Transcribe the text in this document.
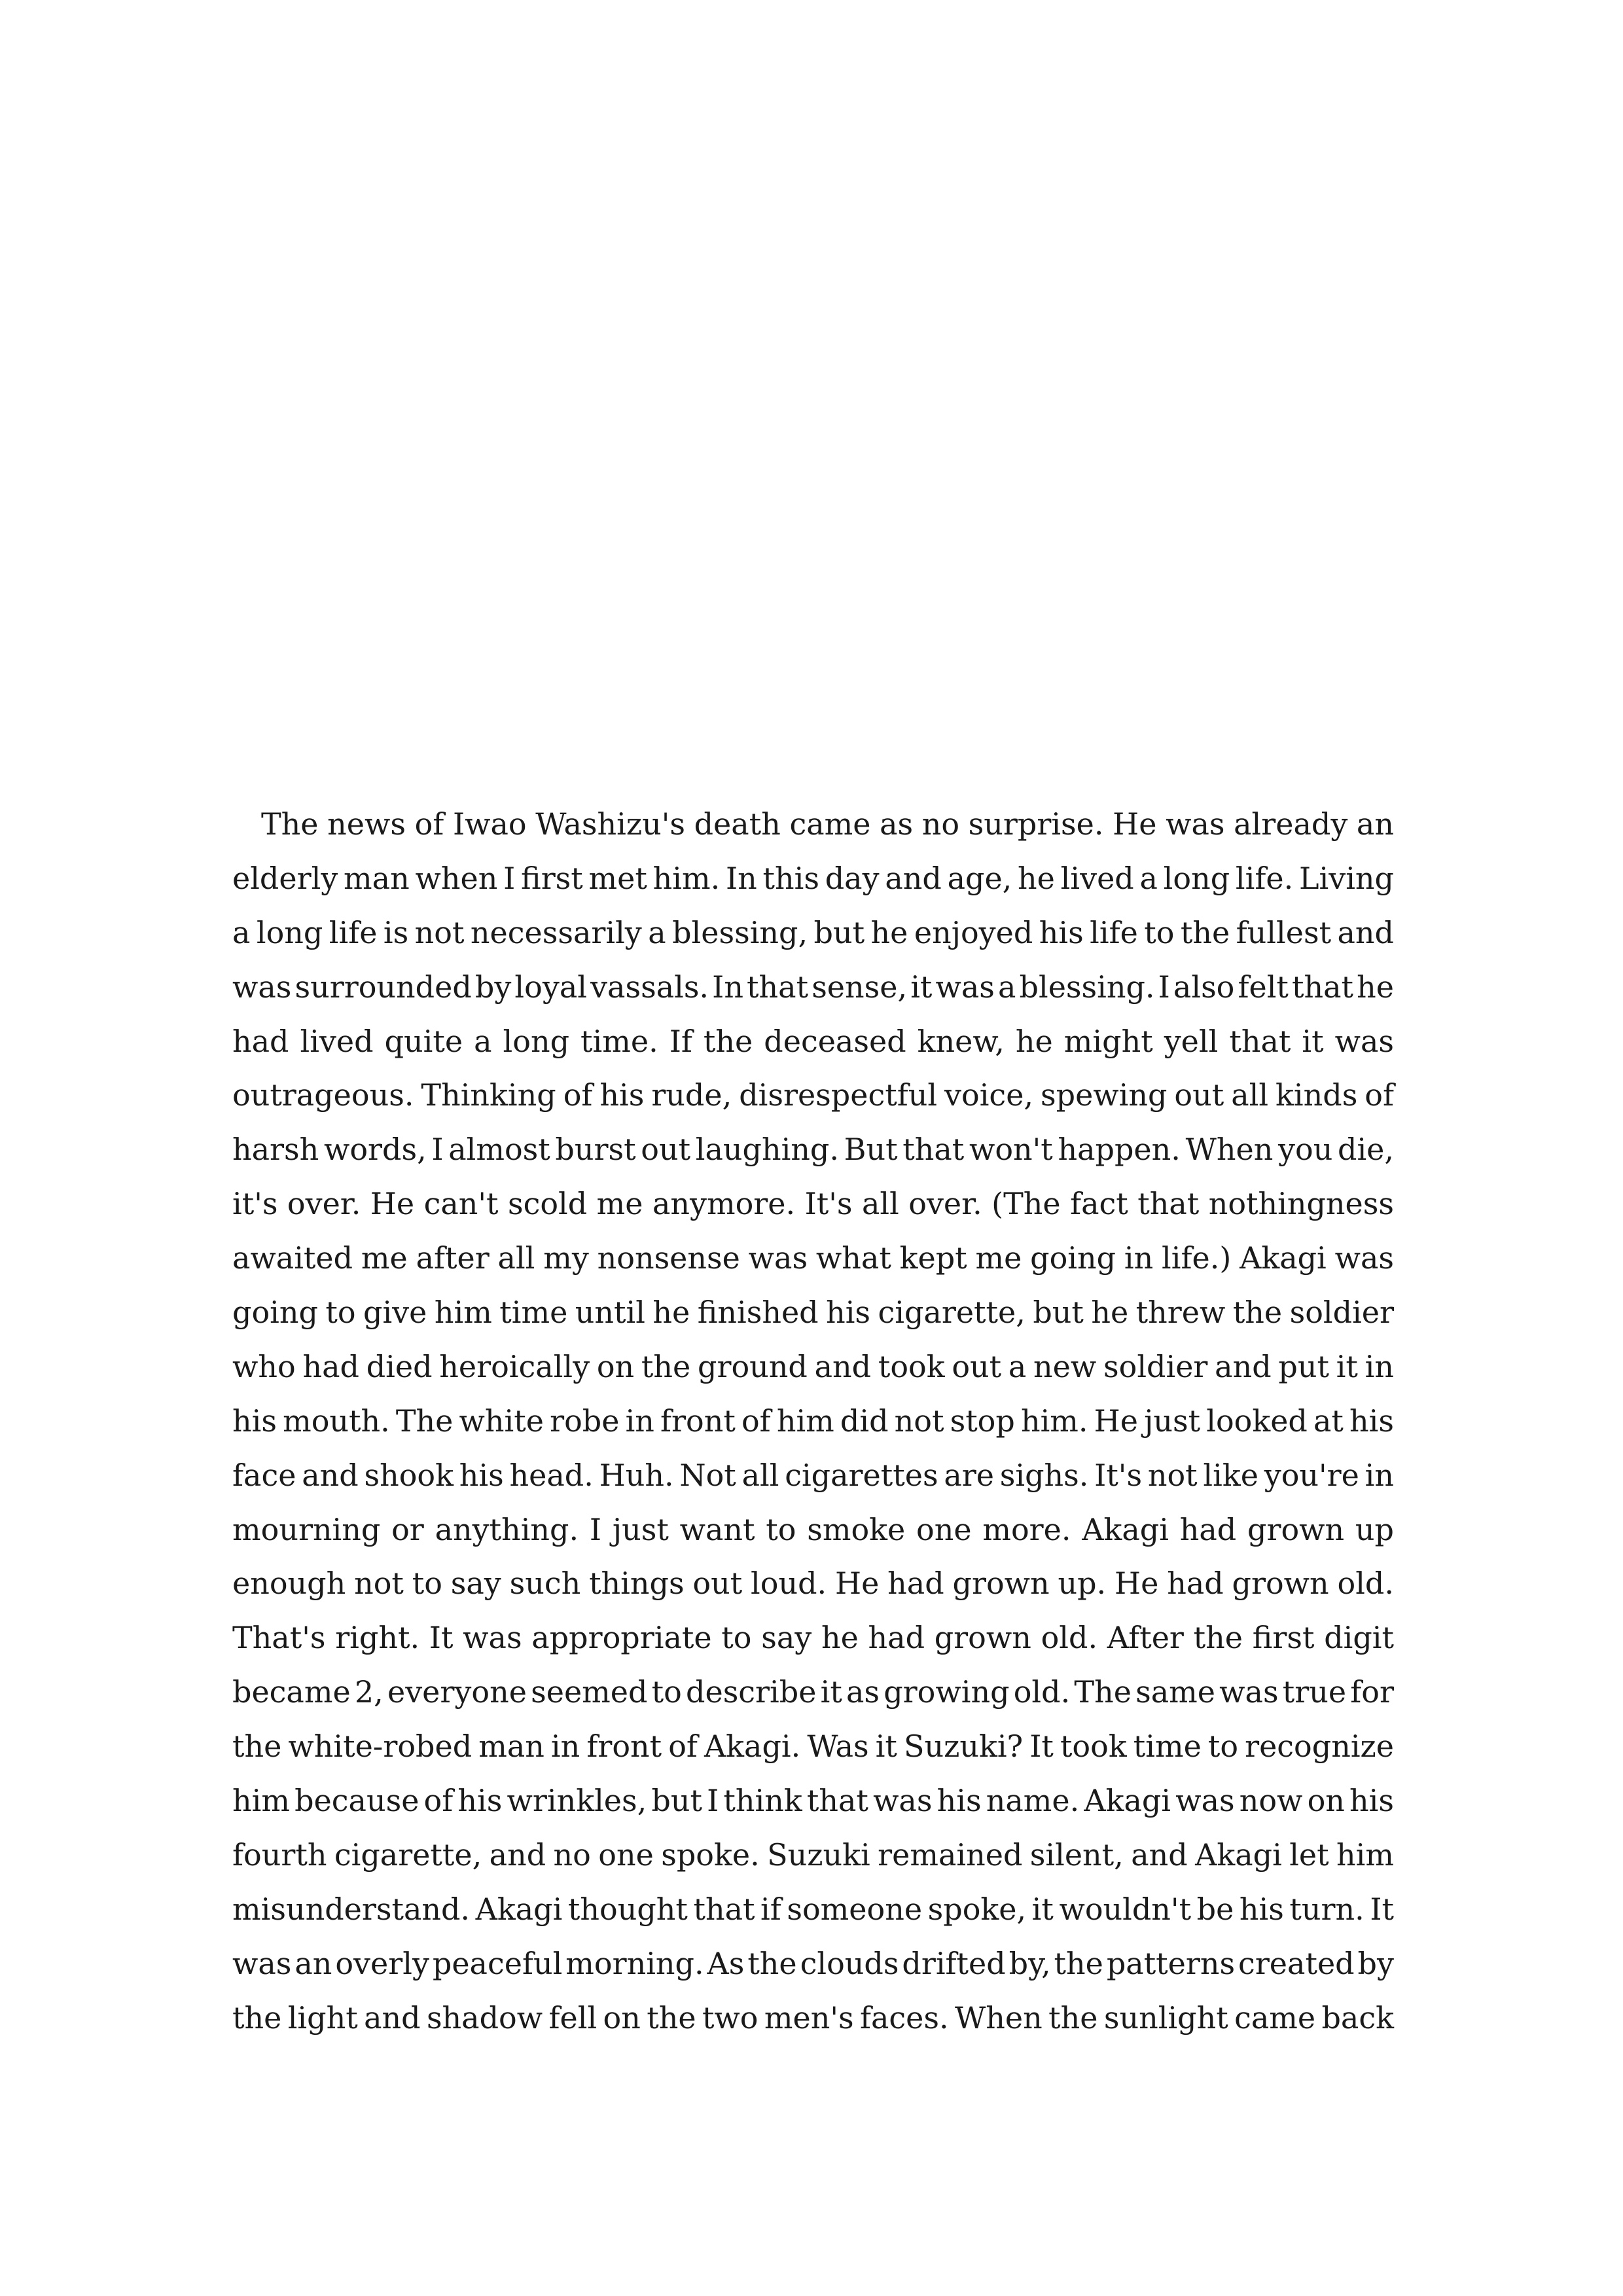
The news of Iwao Washizu's death came as no surprise. He was already an
elderly man when I first met him. In this day and age, he lived a long life. Living
a long life is not necessarily a blessing, but he enjoyed his life to the fullest and
was surrounded by loyal vassals. In that sense, it was a blessing. I also felt that he
had lived quite a long time. If the deceased knew, he might yell that it was
outrageous. Thinking of his rude, disrespectful voice, spewing out all kinds of
harsh words, I almost burst out laughing. But that won't happen. When you die,
it's over. He can't scold me anymore. It's all over. (The fact that nothingness
awaited me after all my nonsense was what kept me going in life.) Akagi was
going to give him time until he finished his cigarette, but he threw the soldier
who had died heroically on the ground and took out a new soldier and put it in
his mouth. The white robe in front of him did not stop him. He just looked at his
face and shook his head. Huh. Not all cigarettes are sighs. It's not like you're in
mourning or anything. I just want to smoke one more. Akagi had grown up
enough not to say such things out loud. He had grown up. He had grown old.
That's right. It was appropriate to say he had grown old. After the first digit
became 2, everyone seemed to describe it as growing old. The same was true for
the white-robed man in front of Akagi. Was it Suzuki? It took time to recognize
him because of his wrinkles, but I think that was his name. Akagi was now on his
fourth cigarette, and no one spoke. Suzuki remained silent, and Akagi let him
misunderstand. Akagi thought that if someone spoke, it wouldn't be his turn. It
was an overly peaceful morning. As the clouds drifted by, the patterns created by
the light and shadow fell on the two men's faces. When the sunlight came back
